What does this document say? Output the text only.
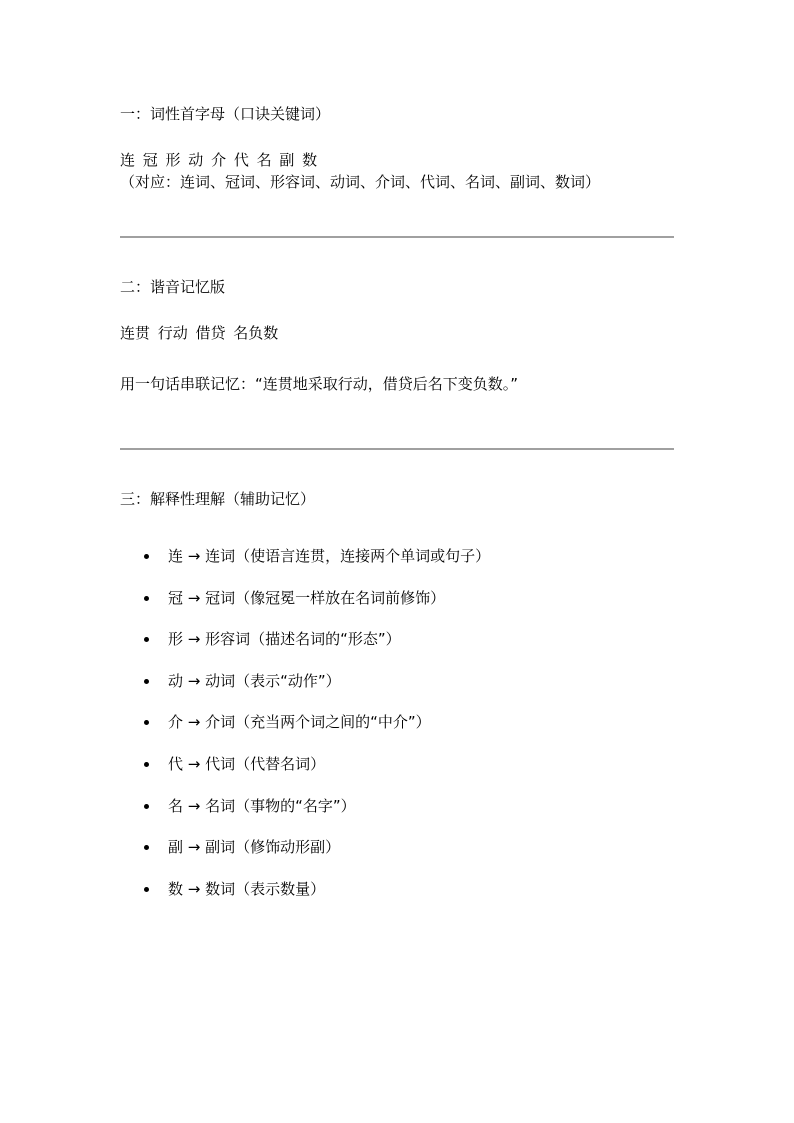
一：词性首字母（口诀关键词）
连 冠 形 动 介 代 名 副 数
（对应：连词、冠词、形容词、动词、介词、代词、名词、副词、数词）
二：谐音记忆版
连贯 行动 借贷 名负数
用一句话串联记忆：“连贯地采取行动，借贷后名下变负数。”
三：解释性理解（辅助记忆）
连 → 连词（使语言连贯，连接两个单词或句子）
冠 → 冠词（像冠冕一样放在名词前修饰）
形 → 形容词（描述名词的“形态”）
动 → 动词（表示“动作”）
介 → 介词（充当两个词之间的“中介”）
代 → 代词（代替名词）
名 → 名词（事物的“名字”）
副 → 副词（修饰动形副）
数 → 数词（表示数量）
